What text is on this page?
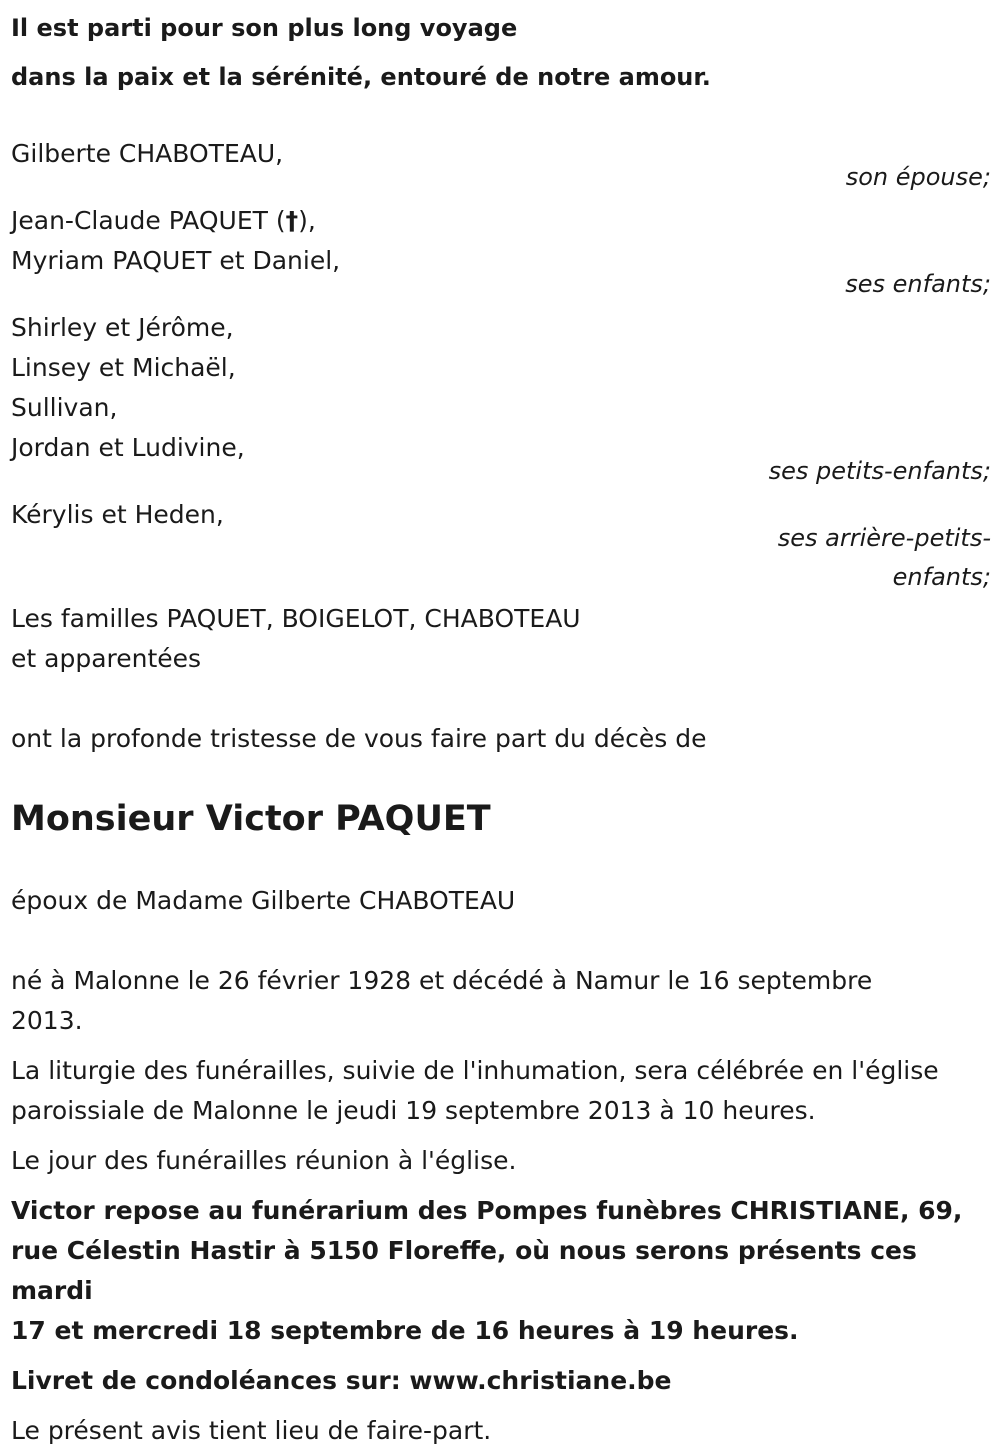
Il est parti pour son plus long voyage

dans la paix et la sérénité, entouré de notre amour.

Gilberte CHABOTEAU,

son épouse;

Jean-Claude PAQUET (†),

Myriam PAQUET et Daniel,

ses enfants;

Shirley et Jérôme,

Linsey et Michaël,

Sullivan,

Jordan et Ludivine,

ses petits-enfants;

Kérylis et Heden,

ses arrière-petits-

enfants;

Les familles PAQUET, BOIGELOT, CHABOTEAU

et apparentées

ont la profonde tristesse de vous faire part du décès de

Monsieur Victor PAQUET

époux de Madame Gilberte CHABOTEAU

né à Malonne le 26 février 1928 et décédé à Namur le 16 septembre

2013.

La liturgie des funérailles, suivie de l'inhumation, sera célébrée en l'église

paroissiale de Malonne le jeudi 19 septembre 2013 à 10 heures.

Le jour des funérailles réunion à l'église.

Victor repose au funérarium des Pompes funèbres CHRISTIANE, 69,

rue Célestin Hastir à 5150 Floreffe, où nous serons présents ces mardi

17 et mercredi 18 septembre de 16 heures à 19 heures.

Livret de condoléances sur: www.christiane.be

Le présent avis tient lieu de faire-part.
